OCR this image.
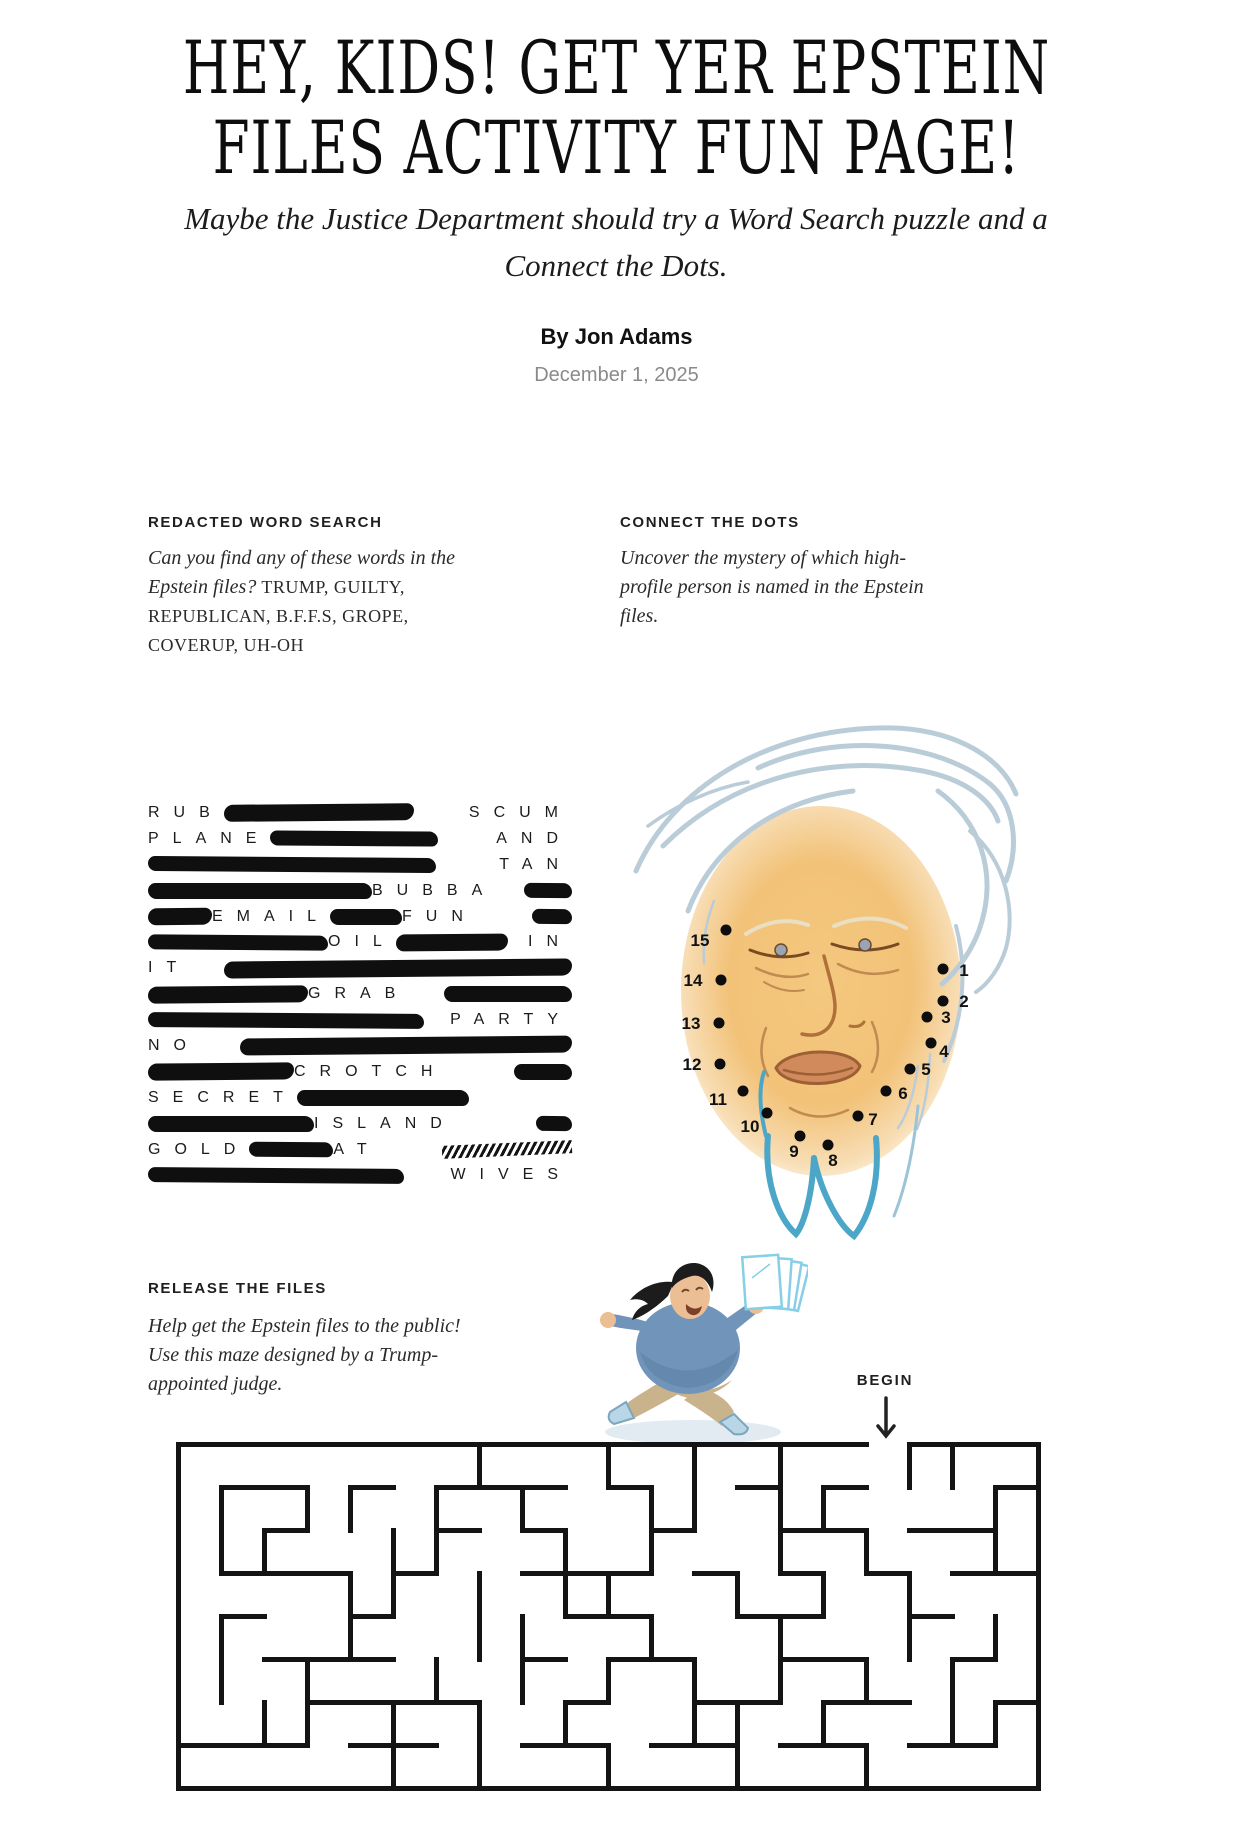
HEY, KIDS! GET YER EPSTEIN
FILES ACTIVITY FUN PAGE!
Maybe the Justice Department should try a Word Search puzzle and a Connect the Dots.
By Jon Adams
December 1, 2025
REDACTED WORD SEARCH
Can you find any of these words in the Epstein files? TRUMP, GUILTY, REPUBLICAN, B.F.F.S, GROPE, COVERUP, UH-OH
RUB	SCUM
PLANE	AND
TAN
BUBBA
EMAIL	FUN
OIL	IN
IT
GRAB
PARTY
NO
CROTCH
SECRET
ISLAND
GOLD	AT
WIVES
CONNECT THE DOTS
Uncover the mystery of which high-profile person is named in the Epstein files.
1
2
3
4
5
6
7
8
9
10
11
12
13
14
15
RELEASE THE FILES
Help get the Epstein files to the public! Use this maze designed by a Trump-appointed judge.	BEGIN
